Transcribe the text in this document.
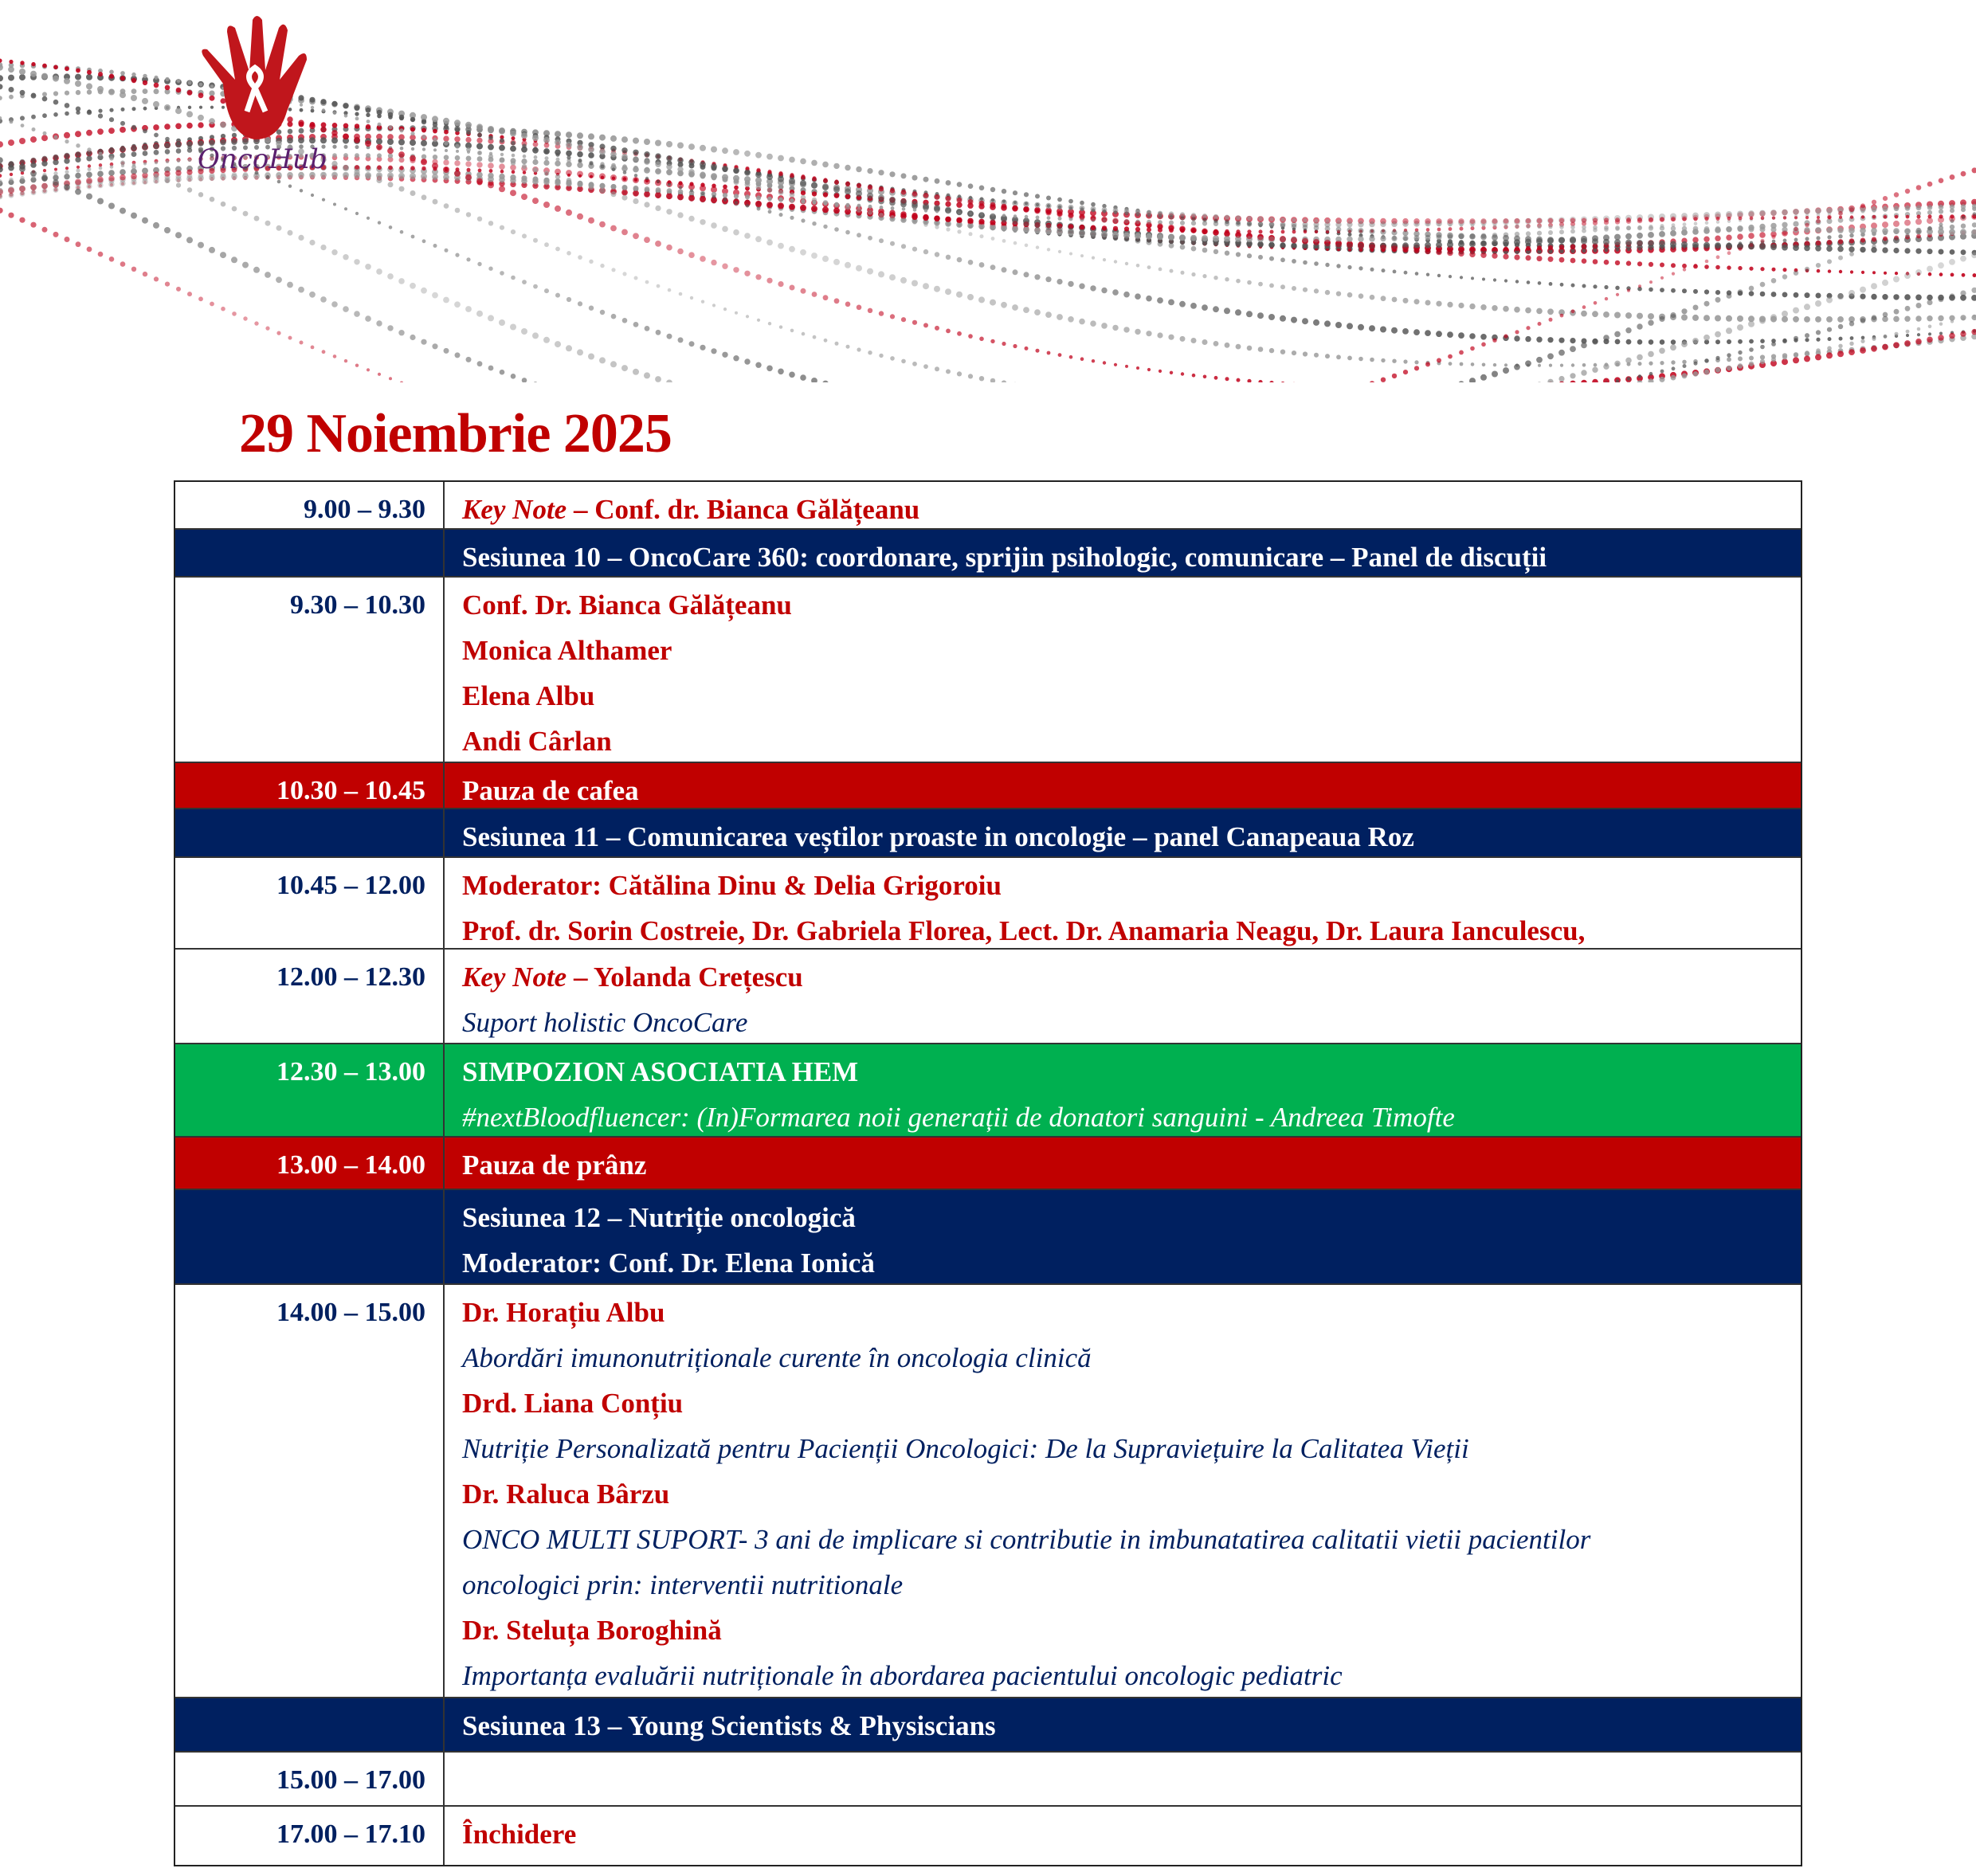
OncoHub
29 Noiembrie 2025
9.00 – 9.30	Key Note – Conf. dr. Bianca Gălățeanu
Sesiunea 10 – OncoCare 360: coordonare, sprijin psihologic, comunicare – Panel de discuții
9.30 – 10.30	Conf. Dr. Bianca Gălățeanu
Monica Althamer
Elena Albu
Andi Cârlan
10.30 – 10.45	Pauza de cafea
Sesiunea 11 – Comunicarea veștilor proaste in oncologie – panel Canapeaua Roz
10.45 – 12.00	Moderator: Cătălina Dinu & Delia Grigoroiu
Prof. dr. Sorin Costreie, Dr. Gabriela Florea, Lect. Dr. Anamaria Neagu, Dr. Laura Ianculescu,
12.00 – 12.30	Key Note – Yolanda Crețescu
Suport holistic OncoCare
12.30 – 13.00	SIMPOZION ASOCIATIA HEM
#nextBloodfluencer: (In)Formarea noii generații de donatori sanguini - Andreea Timofte
13.00 – 14.00	Pauza de prânz
Sesiunea 12 – Nutriție oncologică
Moderator: Conf. Dr. Elena Ionică
14.00 – 15.00	Dr. Horațiu Albu
Abordări imunonutriționale curente în oncologia clinică
Drd. Liana Conțiu
Nutriție Personalizată pentru Pacienții Oncologici: De la Supraviețuire la Calitatea Vieții
Dr. Raluca Bârzu
ONCO MULTI SUPORT- 3 ani de implicare si contributie in imbunatatirea calitatii vietii pacientilor
oncologici prin: interventii nutritionale
Dr. Steluța Boroghină
Importanța evaluării nutriționale în abordarea pacientului oncologic pediatric
Sesiunea 13 – Young Scientists & Physiscians
15.00 – 17.00
17.00 – 17.10	Închidere
